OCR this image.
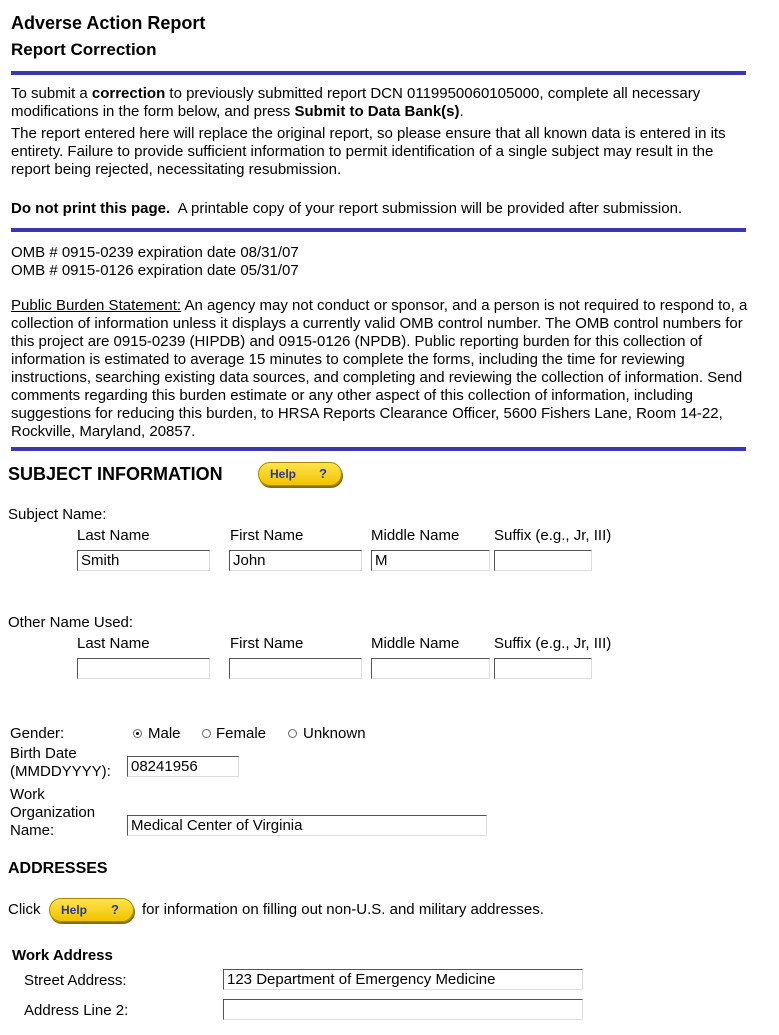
Adverse Action Report
Report Correction
To submit a correction to previously submitted report DCN 0119950060105000, complete all necessary modifications in the form below, and press Submit to Data Bank(s).
The report entered here will replace the original report, so please ensure that all known data is entered in its entirety. Failure to provide sufficient information to permit identification of a single subject may result in the report being rejected, necessitating resubmission.
Do not print this page. A printable copy of your report submission will be provided after submission.
OMB # 0915-0239 expiration date 08/31/07
OMB # 0915-0126 expiration date 05/31/07
Public Burden Statement: An agency may not conduct or sponsor, and a person is not required to respond to, a collection of information unless it displays a currently valid OMB control number. The OMB control numbers for this project are 0915-0239 (HIPDB) and 0915-0126 (NPDB). Public reporting burden for this collection of information is estimated to average 15 minutes to complete the forms, including the time for reviewing instructions, searching existing data sources, and completing and reviewing the collection of information. Send comments regarding this burden estimate or any other aspect of this collection of information, including suggestions for reducing this burden, to HRSA Reports Clearance Officer, 5600 Fishers Lane, Room 14-22, Rockville, Maryland, 20857.
SUBJECT INFORMATION	Help ?
Subject Name:
Last Name	First Name	Middle Name Suffix (e.g., Jr, III)
Smith	John	M
Other Name Used:
Last Name	First Name	Middle Name Suffix (e.g., Jr, III)
Gender:	Male Female Unknown
Birth Date
(MMDDYYYY): 08241956
Work
Organization
Name:	Medical Center of Virginia
ADDRESSES
Click Help ? for information on filling out non-U.S. and military addresses.
Work Address
Street Address:	123 Department of Emergency Medicine
Address Line 2:
